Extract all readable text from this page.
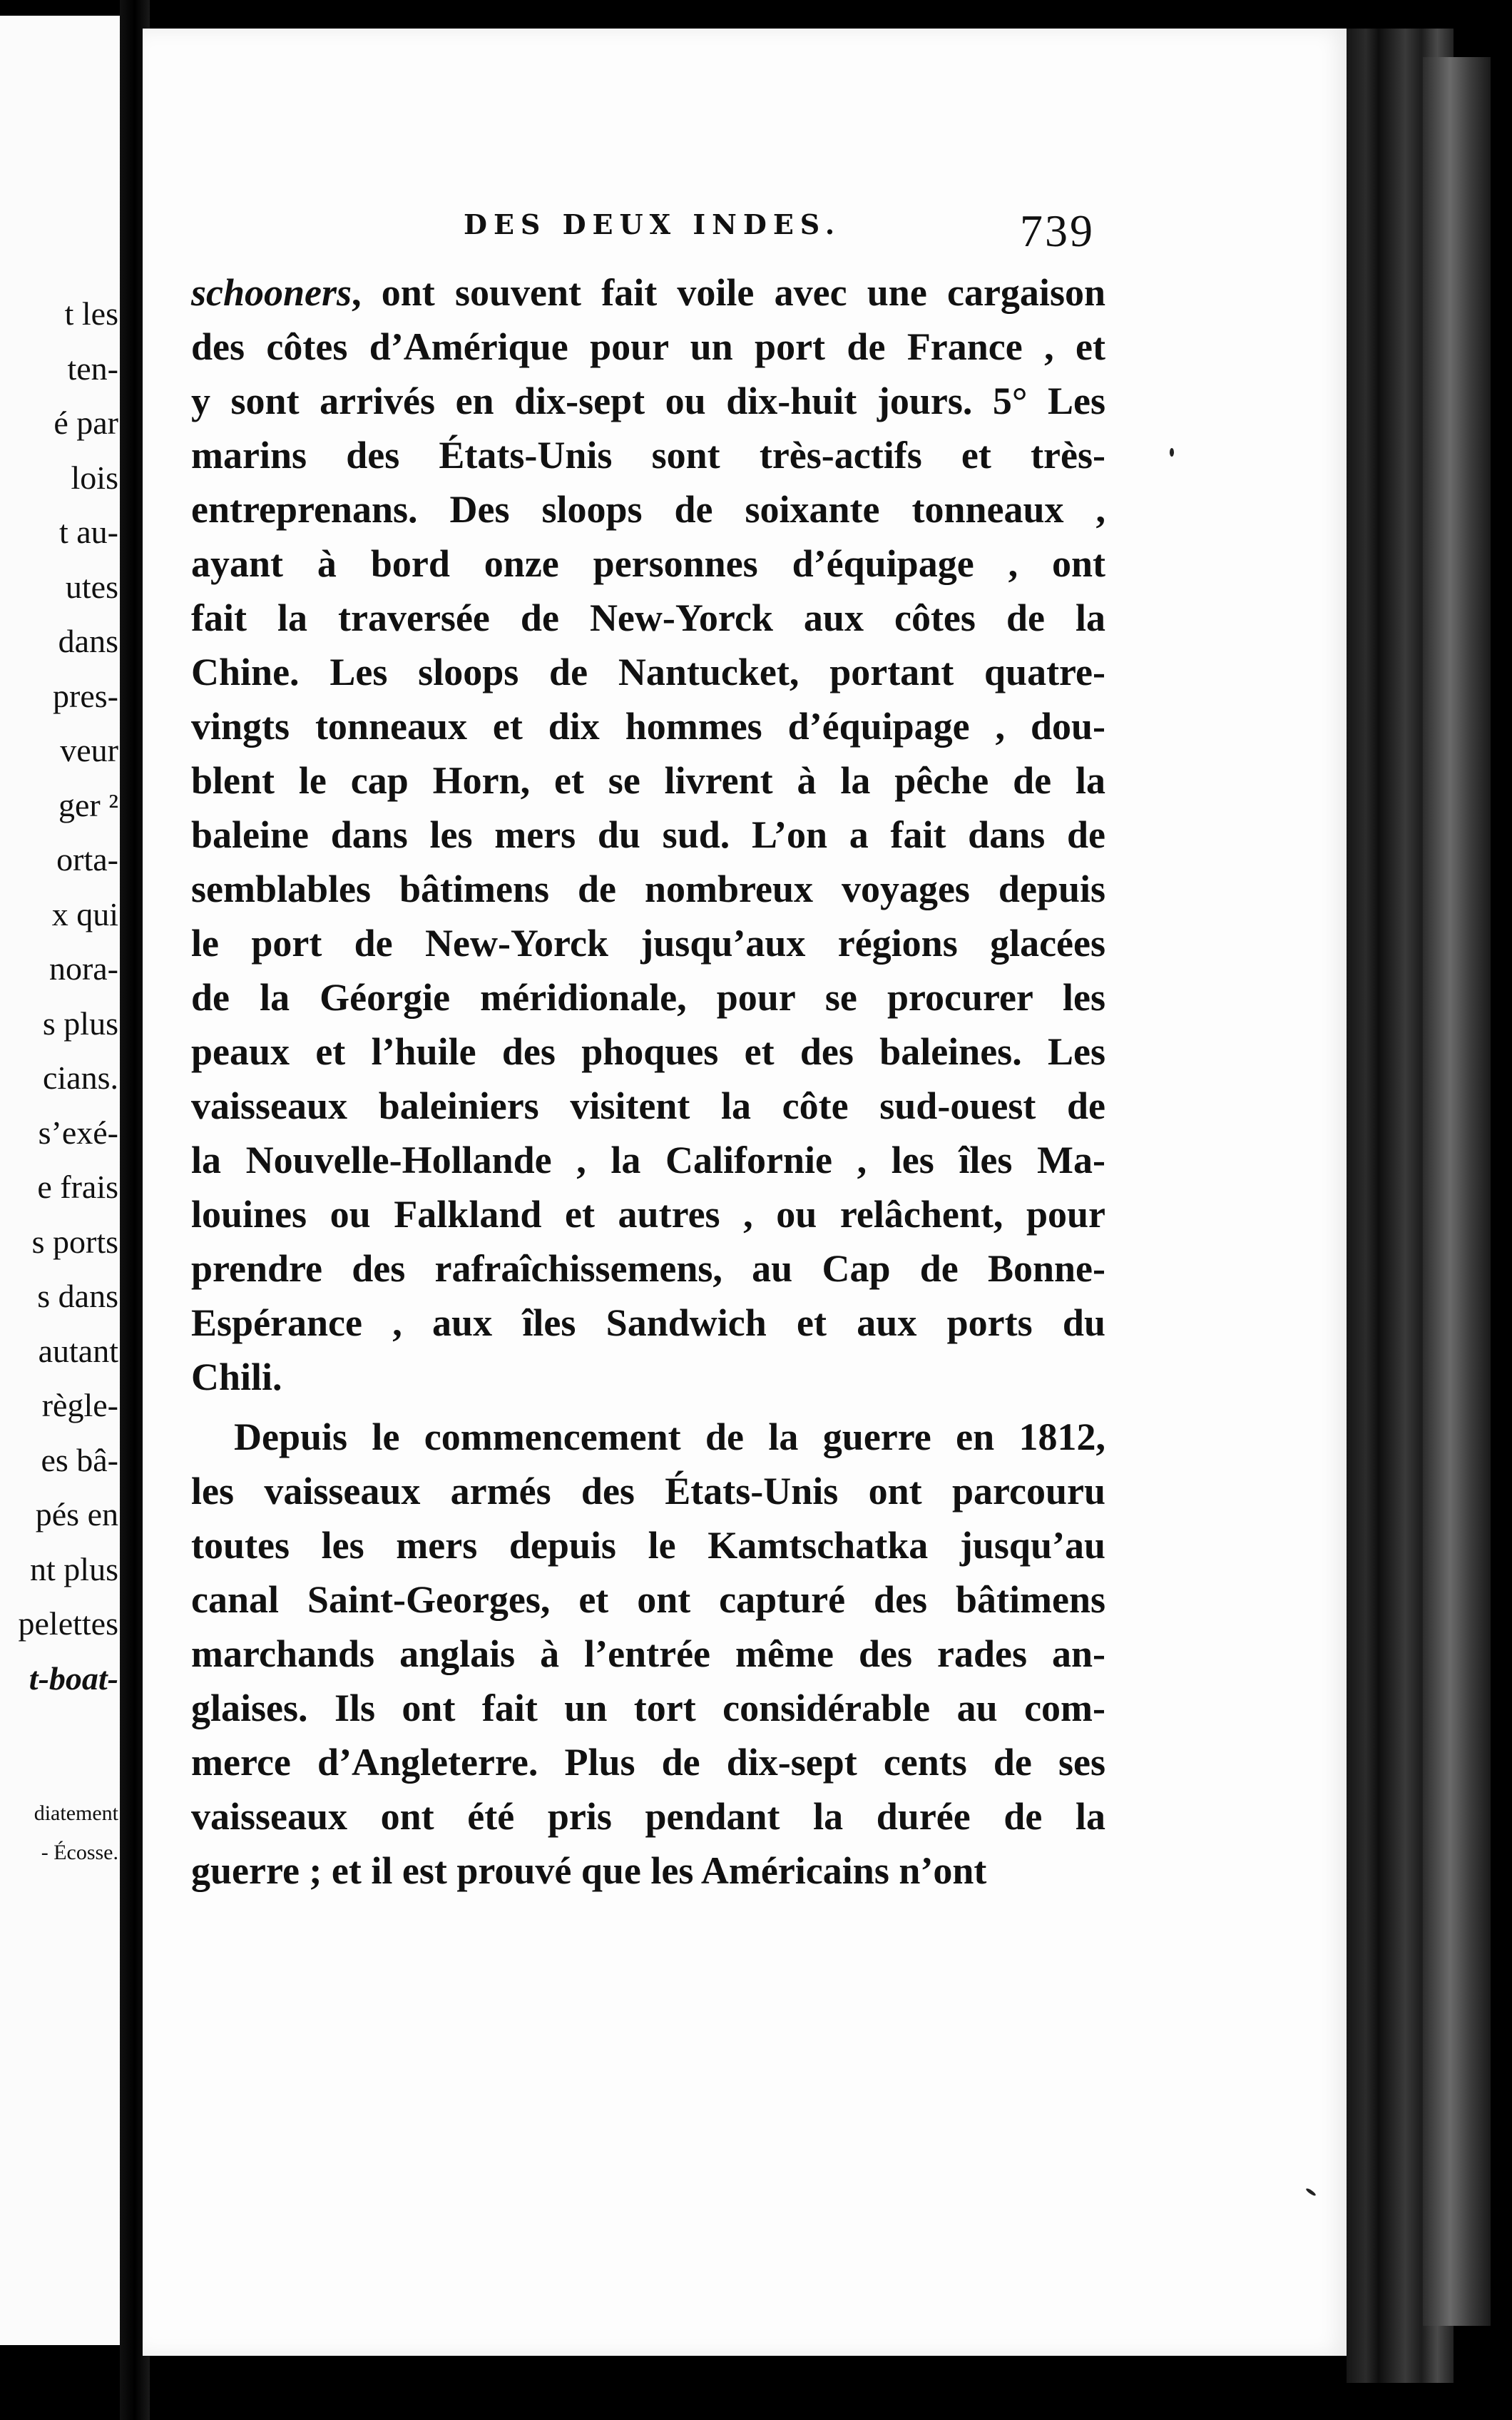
t les
ten-
é par
lois
t au-
utes
dans
pres-
veur
ger ²
orta-
x qui
nora-
s plus
cians.
s’exé-
e frais
s ports
s dans
autant
règle-
es bâ-
pés en
nt plus
pelettes
t-boat-
diatement
- Écosse.
DES DEUX INDES.	739
schooners, ont souvent fait voile avec une cargaison
des côtes d’Amérique pour un port de France , et
y sont arrivés en dix-sept ou dix-huit jours. 5° Les
marins des États-Unis sont très-actifs et très-
entreprenans. Des sloops de soixante tonneaux ,
ayant à bord onze personnes d’équipage , ont
fait la traversée de New-Yorck aux côtes de la
Chine. Les sloops de Nantucket, portant quatre-
vingts tonneaux et dix hommes d’équipage , dou-
blent le cap Horn, et se livrent à la pêche de la
baleine dans les mers du sud. L’on a fait dans de
semblables bâtimens de nombreux voyages depuis
le port de New-Yorck jusqu’aux régions glacées
de la Géorgie méridionale, pour se procurer les
peaux et l’huile des phoques et des baleines. Les
vaisseaux baleiniers visitent la côte sud-ouest de
la Nouvelle-Hollande , la Californie , les îles Ma-
louines ou Falkland et autres , ou relâchent, pour
prendre des rafraîchissemens, au Cap de Bonne-
Espérance , aux îles Sandwich et aux ports du
Chili.
Depuis le commencement de la guerre en 1812,
les vaisseaux armés des États-Unis ont parcouru
toutes les mers depuis le Kamtschatka jusqu’au
canal Saint-Georges, et ont capturé des bâtimens
marchands anglais à l’entrée même des rades an-
glaises. Ils ont fait un tort considérable au com-
merce d’Angleterre. Plus de dix-sept cents de ses
vaisseaux ont été pris pendant la durée de la
guerre ; et il est prouvé que les Américains n’ont
